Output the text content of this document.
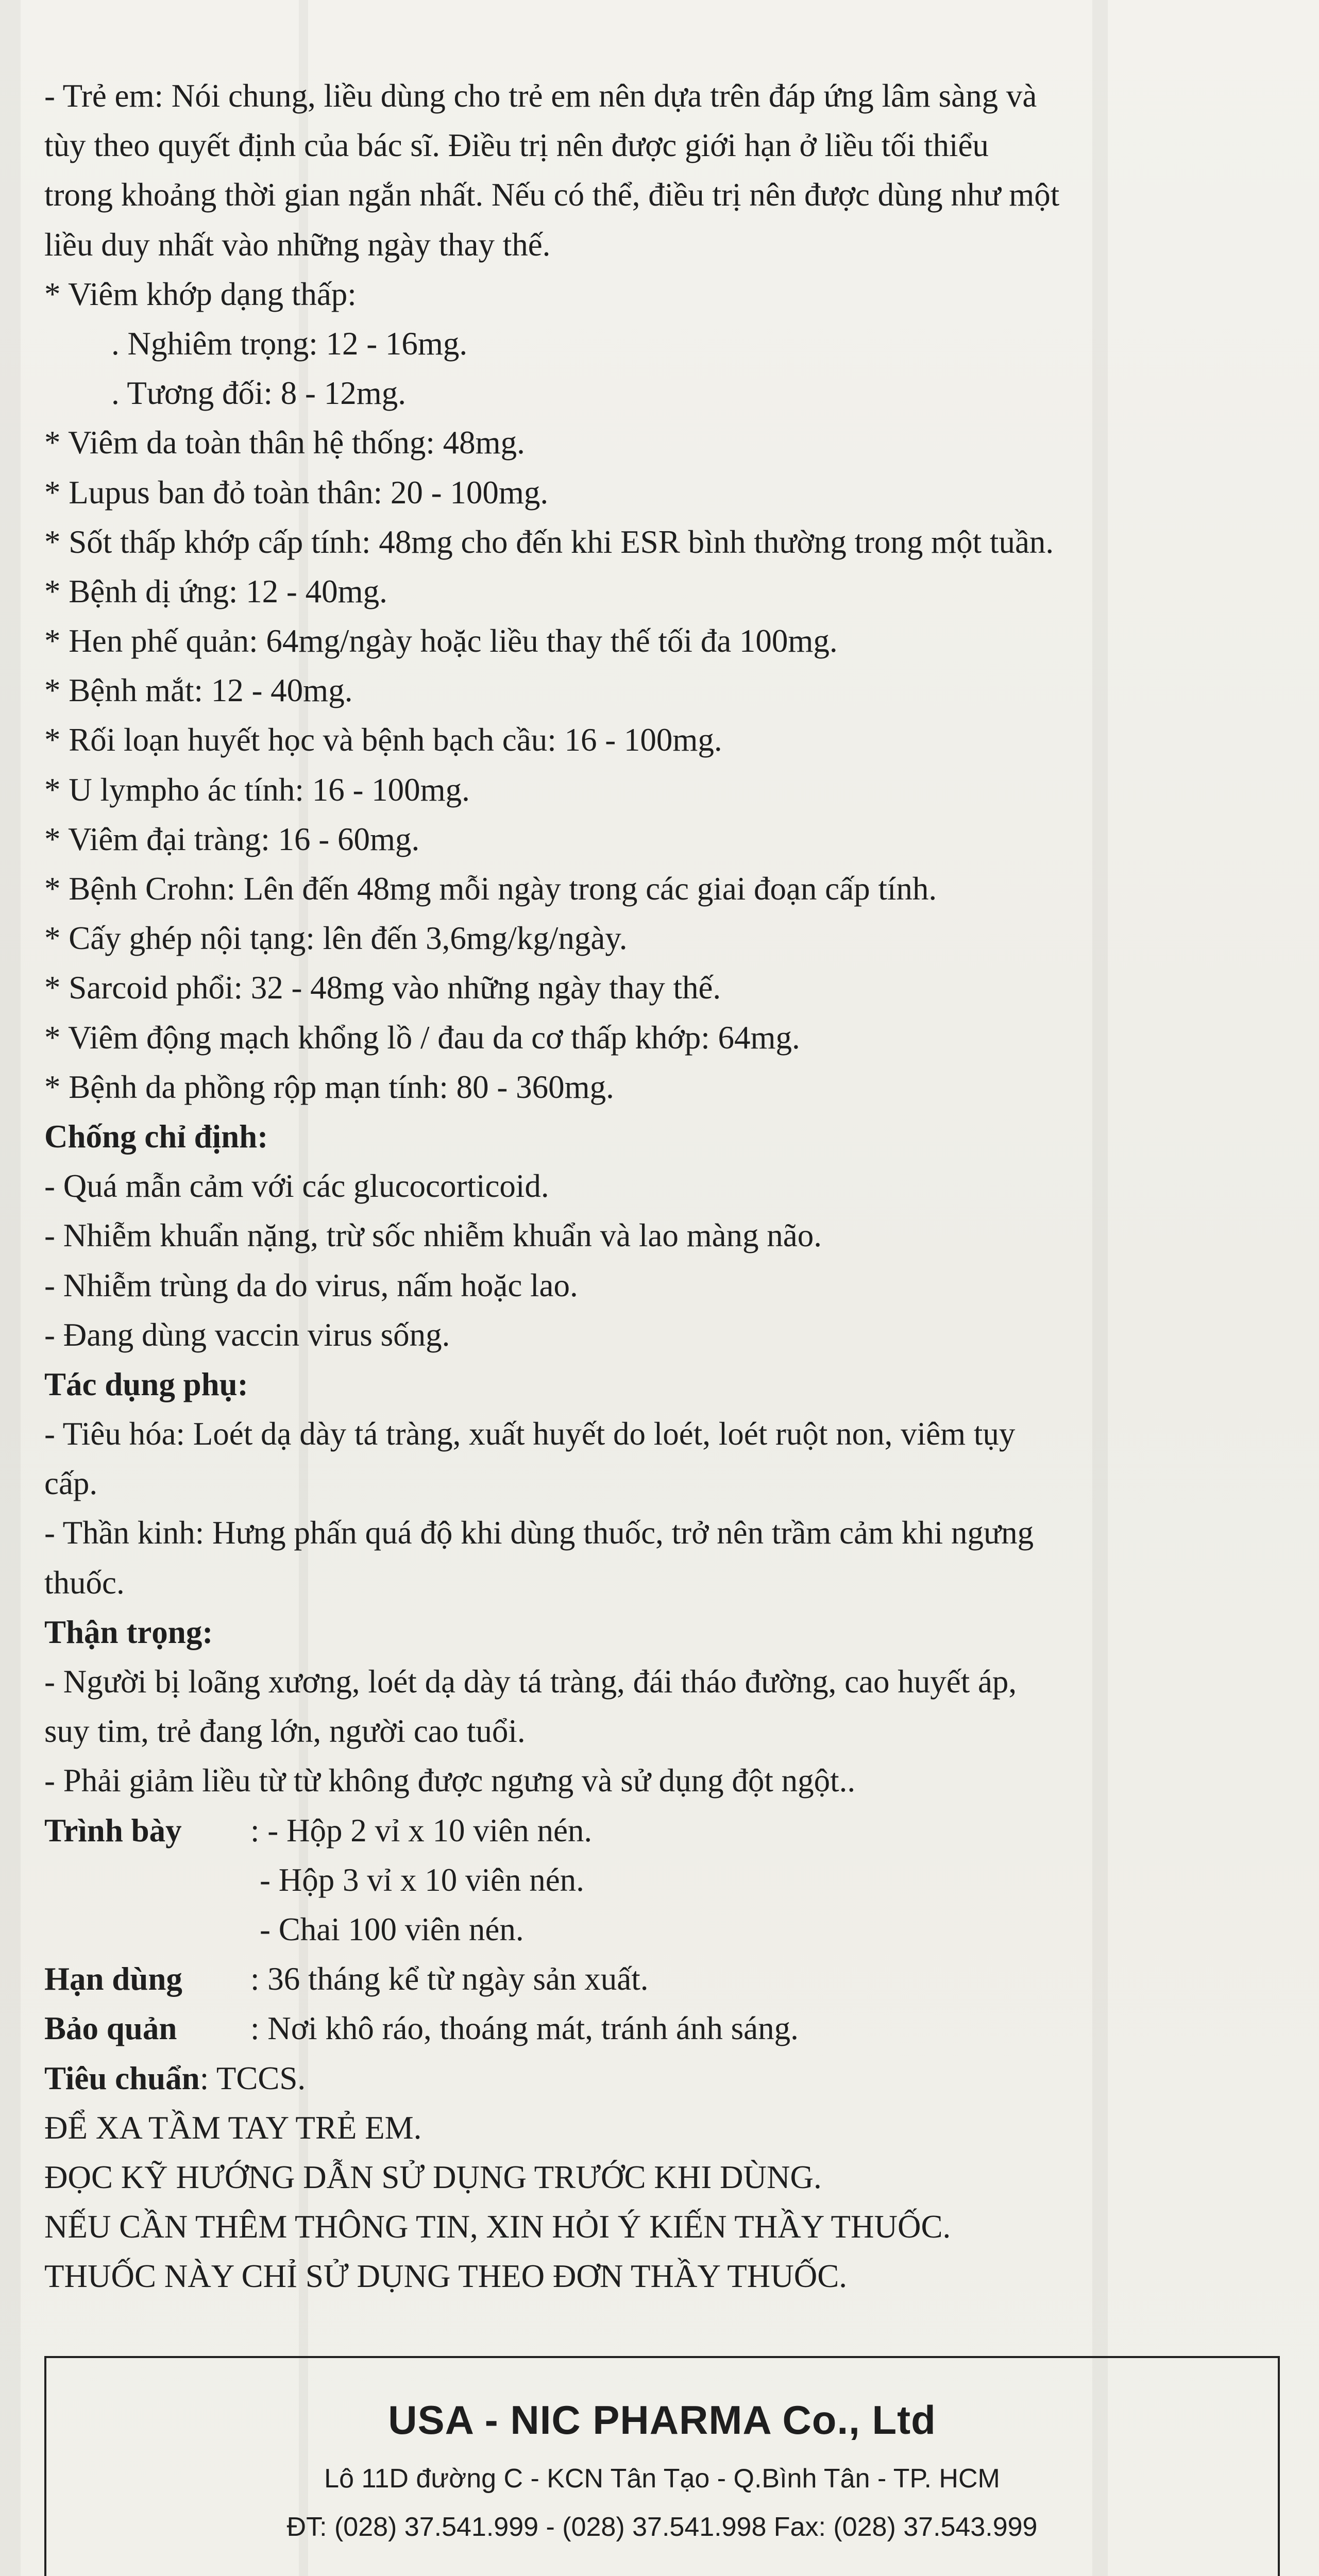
- Trẻ em: Nói chung, liều dùng cho trẻ em nên dựa trên đáp ứng lâm sàng và
tùy theo quyết định của bác sĩ. Điều trị nên được giới hạn ở liều tối thiểu
trong khoảng thời gian ngắn nhất. Nếu có thể, điều trị nên được dùng như một
liều duy nhất vào những ngày thay thế.
* Viêm khớp dạng thấp:
. Nghiêm trọng: 12 - 16mg.
. Tương đối: 8 - 12mg.
* Viêm da toàn thân hệ thống: 48mg.
* Lupus ban đỏ toàn thân: 20 - 100mg.
* Sốt thấp khớp cấp tính: 48mg cho đến khi ESR bình thường trong một tuần.
* Bệnh dị ứng: 12 - 40mg.
* Hen phế quản: 64mg/ngày hoặc liều thay thế tối đa 100mg.
* Bệnh mắt: 12 - 40mg.
* Rối loạn huyết học và bệnh bạch cầu: 16 - 100mg.
* U lympho ác tính: 16 - 100mg.
* Viêm đại tràng: 16 - 60mg.
* Bệnh Crohn: Lên đến 48mg mỗi ngày trong các giai đoạn cấp tính.
* Cấy ghép nội tạng: lên đến 3,6mg/kg/ngày.
* Sarcoid phổi: 32 - 48mg vào những ngày thay thế.
* Viêm động mạch khổng lồ / đau da cơ thấp khớp: 64mg.
* Bệnh da phồng rộp mạn tính: 80 - 360mg.
Chống chỉ định:
- Quá mẫn cảm với các glucocorticoid.
- Nhiễm khuẩn nặng, trừ sốc nhiễm khuẩn và lao màng não.
- Nhiễm trùng da do virus, nấm hoặc lao.
- Đang dùng vaccin virus sống.
Tác dụng phụ:
- Tiêu hóa: Loét dạ dày tá tràng, xuất huyết do loét, loét ruột non, viêm tụy
cấp.
- Thần kinh: Hưng phấn quá độ khi dùng thuốc, trở nên trầm cảm khi ngưng
thuốc.
Thận trọng:
- Người bị loãng xương, loét dạ dày tá tràng, đái tháo đường, cao huyết áp,
suy tim, trẻ đang lớn, người cao tuổi.
- Phải giảm liều từ từ không được ngưng và sử dụng đột ngột..
Trình bày	: - Hộp 2 vỉ x 10 viên nén.
- Hộp 3 vỉ x 10 viên nén.
- Chai 100 viên nén.
Hạn dùng	: 36 tháng kể từ ngày sản xuất.
Bảo quản	: Nơi khô ráo, thoáng mát, tránh ánh sáng.
Tiêu chuẩn: TCCS.
ĐỂ XA TẦM TAY TRẺ EM.
ĐỌC KỸ HƯỚNG DẪN SỬ DỤNG TRƯỚC KHI DÙNG.
NẾU CẦN THÊM THÔNG TIN, XIN HỎI Ý KIẾN THẦY THUỐC.
THUỐC NÀY CHỈ SỬ DỤNG THEO ĐƠN THẦY THUỐC.
USA - NIC PHARMA Co., Ltd
Lô 11D đường C - KCN Tân Tạo - Q.Bình Tân - TP. HCM
ĐT: (028) 37.541.999 - (028) 37.541.998 Fax: (028) 37.543.999
